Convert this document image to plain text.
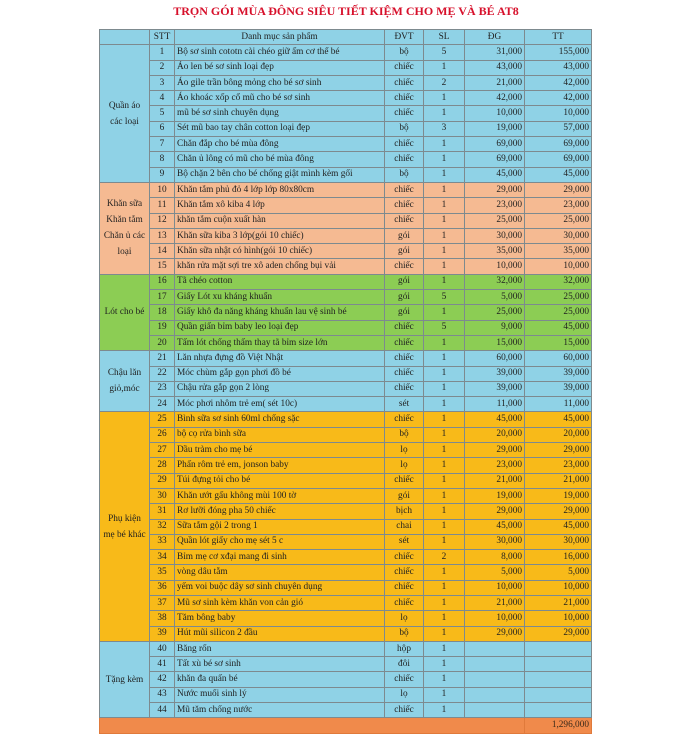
TRỌN GÓI MÙA ĐÔNG SIÊU TIẾT KIỆM CHO MẸ VÀ BÉ AT8
	STT	Danh mục sản phẩm	ĐVT	SL	ĐG	TT
Quần áo các loại	1	Bộ sơ sinh cototn cài chéo giữ ấm cơ thể bé	bộ	5	31,000	155,000
	2	Áo len bé sơ sinh loại đẹp	chiếc	1	43,000	43,000
	3	Áo gile trần bông mỏng cho bé sơ sinh	chiếc	2	21,000	42,000
	4	Áo khoác xốp cổ mũ cho bé sơ sinh	chiếc	1	42,000	42,000
	5	mũ bé sơ sinh chuyên dụng	chiếc	1	10,000	10,000
	6	Sét mũ bao tay chân cotton loại đẹp	bộ	3	19,000	57,000
	7	Chăn đắp cho bé mùa đông	chiếc	1	69,000	69,000
	8	Chăn ủ lông có mũ cho bé mùa đông	chiếc	1	69,000	69,000
	9	Bộ chặn 2 bên cho bé chống giật mình kèm gối	bộ	1	45,000	45,000
Khăn sữa Khăn tắm Chăn ủ các loại	10	Khăn tắm phủ đỏ 4 lớp lớp 80x80cm	chiếc	1	29,000	29,000
	11	Khăn tắm xô kiba 4 lớp	chiếc	1	23,000	23,000
	12	khăn tắm cuộn xuất hàn	chiếc	1	25,000	25,000
	13	Khăn sữa kiba 3 lớp(gói 10 chiếc)	gói	1	30,000	30,000
	14	Khăn sữa nhật có hình(gói 10 chiếc)	gói	1	35,000	35,000
	15	khăn rửa mặt sợi tre xô aden chống bụi vải	chiếc	1	10,000	10,000
Lót cho bé	16	Tã chéo cotton	gói	1	32,000	32,000
	17	Giấy Lót xu kháng khuẩn	gói	5	5,000	25,000
	18	Giấy khô đa năng kháng khuẩn lau vệ sinh bé	gói	1	25,000	25,000
	19	Quần giấn bỉm baby leo loại đẹp	chiếc	5	9,000	45,000
	20	Tấm lót chống thấm thay tã bỉm size lớn	chiếc	1	15,000	15,000
Chậu lăn giỏ,móc	21	Lăn nhựa đựng đồ Việt Nhật	chiếc	1	60,000	60,000
	22	Móc chùm gắp gọn phơi đồ bé	chiếc	1	39,000	39,000
	23	Chậu rửa gắp gọn 2 lòng	chiếc	1	39,000	39,000
	24	Móc phơi nhôm trẻ em( sét 10c)	sét	1	11,000	11,000
Phụ kiện mẹ bé khác	25	Bình sữa sơ sinh 60ml chống sặc	chiếc	1	45,000	45,000
	26	bộ cọ rửa bình sữa	bộ	1	20,000	20,000
	27	Dầu tràm cho mẹ bé	lọ	1	29,000	29,000
	28	Phấn rôm trẻ em, jonson baby	lọ	1	23,000	23,000
	29	Túi đựng tỏi cho bé	chiếc	1	21,000	21,000
	30	Khăn ướt gấu không mùi 100 tờ	gói	1	19,000	19,000
	31	Rơ lưỡi đóng pha 50 chiếc	bịch	1	29,000	29,000
	32	Sữa tắm gội 2 trong 1	chai	1	45,000	45,000
	33	Quần lót giấy cho mẹ sét 5 c	sét	1	30,000	30,000
	34	Bỉm mẹ cơ xđại mang đi sinh	chiếc	2	8,000	16,000
	35	vòng dâu tằm	chiếc	1	5,000	5,000
	36	yếm voi buộc dây sơ sinh chuyên dụng	chiếc	1	10,000	10,000
	37	Mũ sơ sinh kèm khăn von cản gió	chiếc	1	21,000	21,000
	38	Tăm bông baby	lọ	1	10,000	10,000
	39	Hút mũi silicon 2 đầu	bộ	1	29,000	29,000
Tặng kèm	40	Băng rốn	hộp	1		
	41	Tất xù bé sơ sinh	đôi	1		
	42	khăn đa quấn bé	chiếc	1		
	43	Nước muối sinh lý	lọ	1		
	44	Mũ tăm chống nước	chiếc	1		
						1,296,000
